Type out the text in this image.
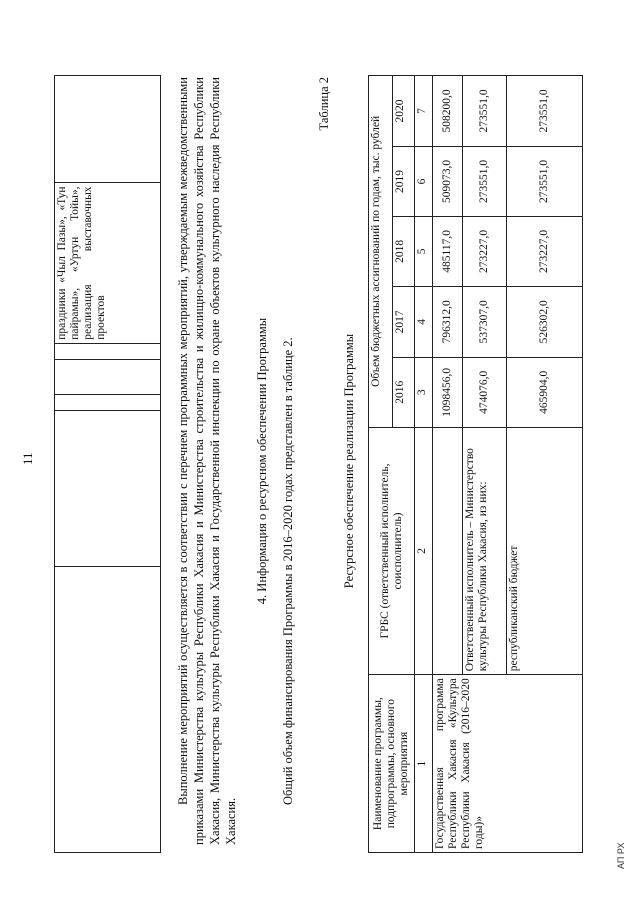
					праздники «Чыл Пазы», «Тун пайрамы», «Уртун Тойы», реализация выставочных проектов	
11	Выполнение мероприятий осуществляется в соответствии с перечнем программных мероприятий, утверждаемым межведомственными приказами Министерства культуры Республики Хакасия и Министерства строительства и жилищно-коммунального хозяйства Республики Хакасия, Министерства культуры Республики Хакасия и Государственной инспекции по охране объектов культурного наследия Республики Хакасия.
4. Информация о ресурсном обеспечении Программы Общий объем финансирования Программы в 2016–2020 годах представлен в таблице 2.
Таблица 2
Ресурсное обеспечение реализации Программы
Наименование программы, подпрограммы, основного мероприятия	ГРБС (ответственный исполнитель, соисполнитель)	Объем бюджетных ассигнований по годам, тыс. рублей				
		2016	2017	2018	2019	2020
1	2	3	4	5	6	7
Государственная программа Республики Хакасия «Культура Республики Хакасия (2016–2020 годы)»		1098456,0	796312,0	485117,0	509073,0	508200,0
	Ответственный исполнитель – Министерство культуры Республики Хакасия, из них:	474076,0	537307,0	273227,0	273551,0	273551,0
	республиканский бюджет	465904,0	526302,0	273227,0	273551,0	273551,0
АП РХ
